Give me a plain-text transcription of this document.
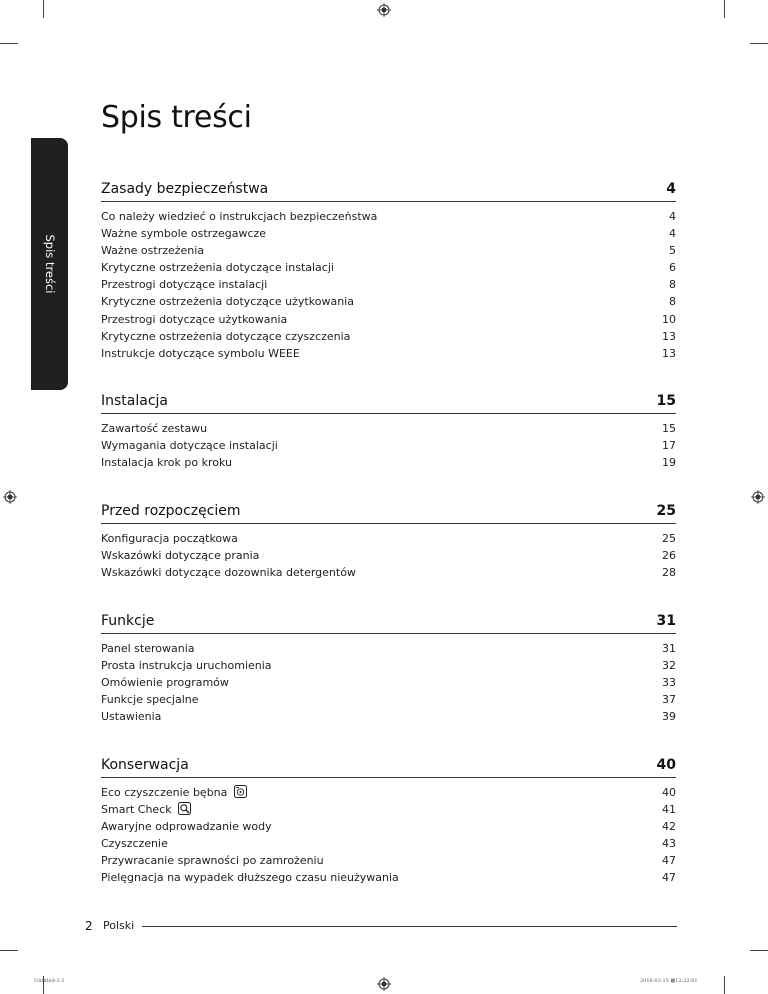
Spis treści
Spis treści
Zasady bezpieczeństwa	4
Co należy wiedzieć o instrukcjach bezpieczeństwa	4
Ważne symbole ostrzegawcze	4
Ważne ostrzeżenia	5
Krytyczne ostrzeżenia dotyczące instalacji	6
Przestrogi dotyczące instalacji	8
Krytyczne ostrzeżenia dotyczące użytkowania	8
Przestrogi dotyczące użytkowania	10
Krytyczne ostrzeżenia dotyczące czyszczenia	13
Instrukcje dotyczące symbolu WEEE	13
Instalacja	15
Zawartość zestawu	15
Wymagania dotyczące instalacji	17
Instalacja krok po kroku	19
Przed rozpoczęciem	25
Konfiguracja początkowa	25
Wskazówki dotyczące prania	26
Wskazówki dotyczące dozownika detergentów	28
Funkcje	31
Panel sterowania	31
Prosta instrukcja uruchomienia	32
Omówienie programów	33
Funkcje specjalne	37
Ustawienia	39
Konserwacja	40
Eco czyszczenie bębna	40
Smart Check	41
Awaryjne odprowadzanie wody	42
Czyszczenie	43
Przywracanie sprawności po zamrożeniu	47
Pielęgnacja na wypadek dłuższego czasu nieużywania	47
2 Polski
Untitled-3 2	2016-02-15 ▩12:22:01
